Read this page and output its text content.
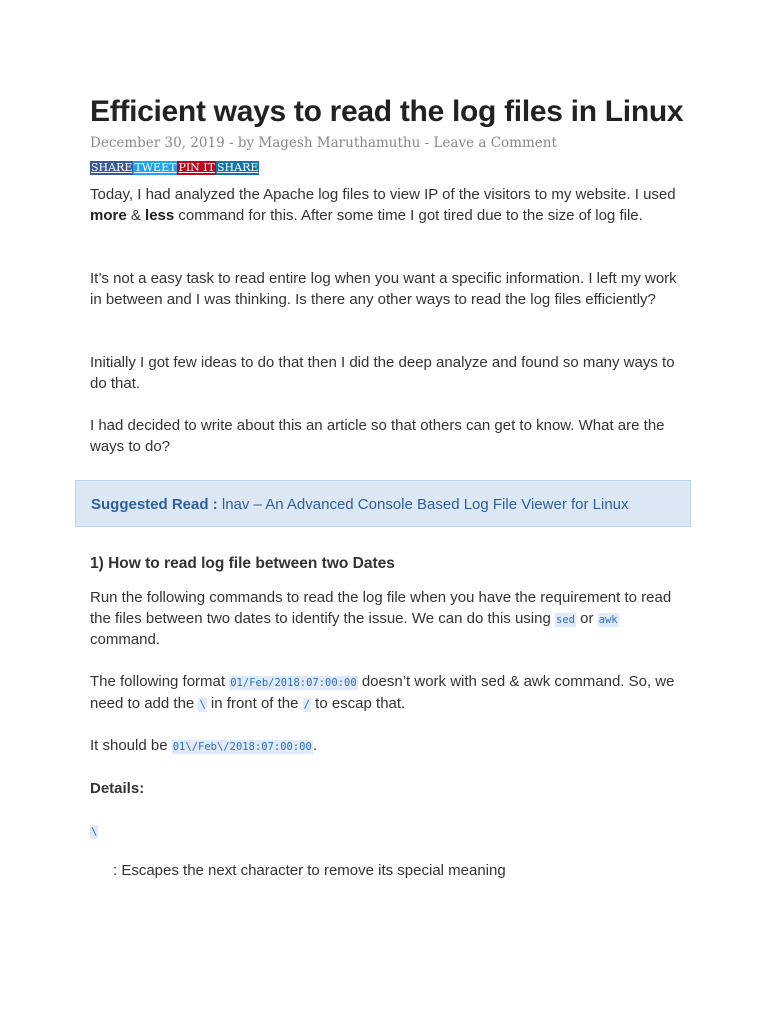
Efficient ways to read the log files in Linux
December 30, 2019 - by Magesh Maruthamuthu - Leave a Comment
SHARE TWEET PIN IT SHARE

Today, I had analyzed the Apache log files to view IP of the visitors to my website. I used more & less command for this. After some time I got tired due to the size of log file.

It’s not a easy task to read entire log when you want a specific information. I left my work in between and I was thinking. Is there any other ways to read the log files efficiently?

Initially I got few ideas to do that then I did the deep analyze and found so many ways to do that.

I had decided to write about this an article so that others can get to know. What are the ways to do?

Suggested Read : lnav – An Advanced Console Based Log File Viewer for Linux
1) How to read log file between two Dates

Run the following commands to read the log file when you have the requirement to read the files between two dates to identify the issue. We can do this using sed or awk command.

The following format 01/Feb/2018:07:00:00 doesn’t work with sed & awk command. So, we need to add the \ in front of the / to escap that.

It should be 01\/Feb\/2018:07:00:00.

Details:

\

: Escapes the next character to remove its special meaning
